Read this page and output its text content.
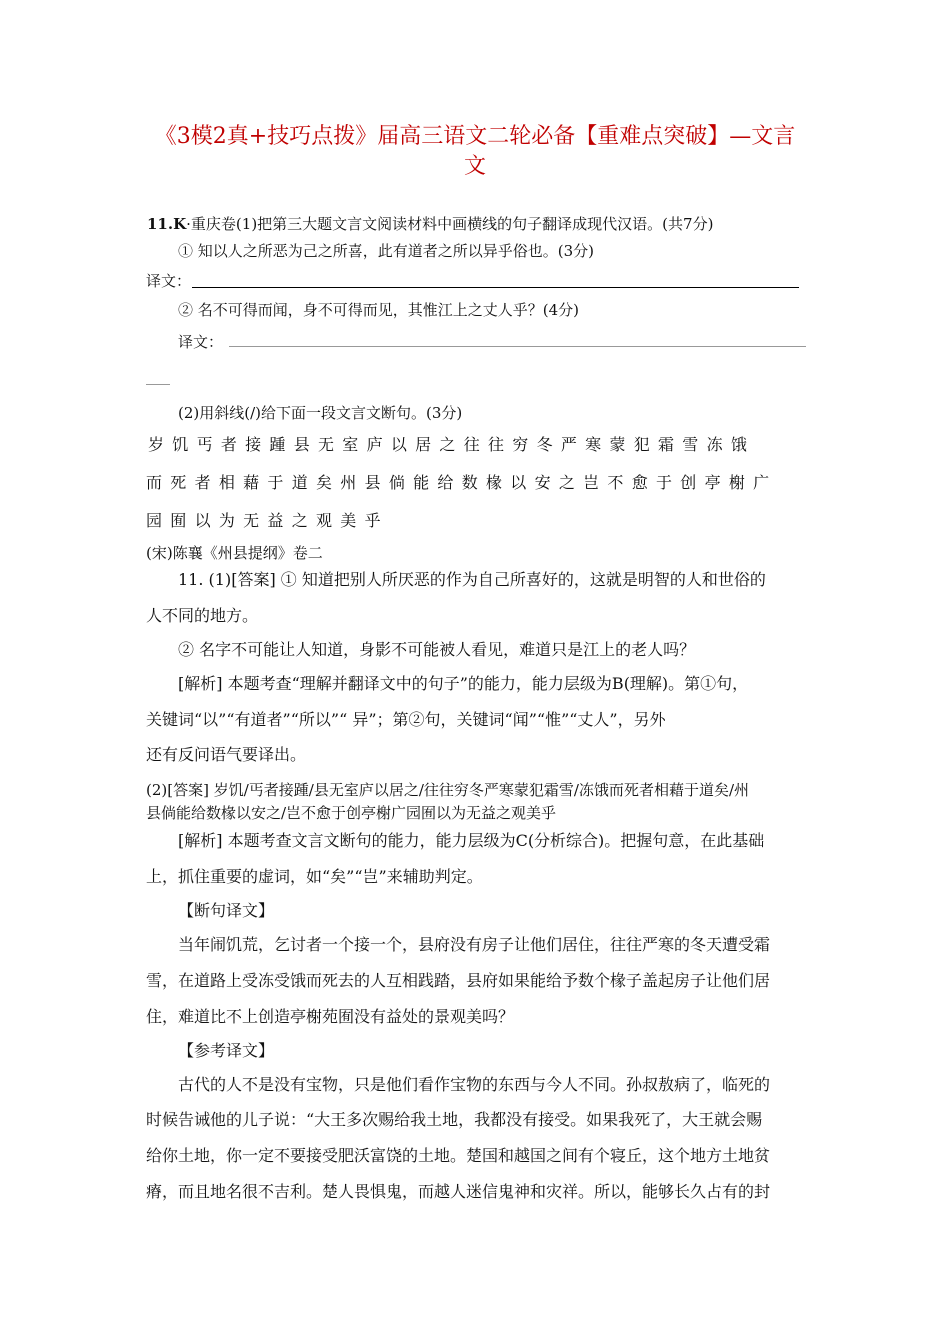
《3模2真+技巧点拨》届高三语文二轮必备【重难点突破】—文言
文
11.K·重庆卷(1)把第三大题文言文阅读材料中画横线的句子翻译成现代汉语。(共7分)
① 知以人之所恶为己之所喜，此有道者之所以异乎俗也。(3分)
译文：
② 名不可得而闻，身不可得而见，其惟江上之丈人乎？(4分)
译文：
(2)用斜线(/)给下面一段文言文断句。(3分)
岁 饥 丐 者 接 踵 县 无 室 庐 以 居 之 往 往 穷 冬 严 寒 蒙 犯 霜 雪 冻 饿
而 死 者 相 藉 于 道 矣 州 县 倘 能 给 数 椽 以 安 之 岂 不 愈 于 创 亭 榭 广
园 囿 以 为 无 益 之 观 美 乎
(宋)陈襄《州县提纲》卷二
11. (1)[答案] ① 知道把别人所厌恶的作为自己所喜好的，这就是明智的人和世俗的
人不同的地方。
② 名字不可能让人知道，身影不可能被人看见，难道只是江上的老人吗？
[解析] 本题考查“理解并翻译文中的句子”的能力，能力层级为B(理解)。第①句，
关键词“以”“有道者”“所以”“ 异”；第②句，关键词“闻”“惟”“丈人”，另外
还有反问语气要译出。
(2)[答案] 岁饥/丐者接踵/县无室庐以居之/往往穷冬严寒蒙犯霜雪/冻饿而死者相藉于道矣/州
县倘能给数椽以安之/岂不愈于创亭榭广园囿以为无益之观美乎
[解析] 本题考查文言文断句的能力，能力层级为C(分析综合)。把握句意，在此基础
上，抓住重要的虚词，如“矣”“岂”来辅助判定。
【断句译文】
当年闹饥荒，乞讨者一个接一个，县府没有房子让他们居住，往往严寒的冬天遭受霜
雪，在道路上受冻受饿而死去的人互相践踏，县府如果能给予数个椽子盖起房子让他们居
住，难道比不上创造亭榭苑囿没有益处的景观美吗？
【参考译文】
古代的人不是没有宝物，只是他们看作宝物的东西与今人不同。孙叔敖病了，临死的
时候告诫他的儿子说：“大王多次赐给我土地，我都没有接受。如果我死了，大王就会赐
给你土地，你一定不要接受肥沃富饶的土地。楚国和越国之间有个寝丘，这个地方土地贫
瘠，而且地名很不吉利。楚人畏惧鬼，而越人迷信鬼神和灾祥。所以，能够长久占有的封
